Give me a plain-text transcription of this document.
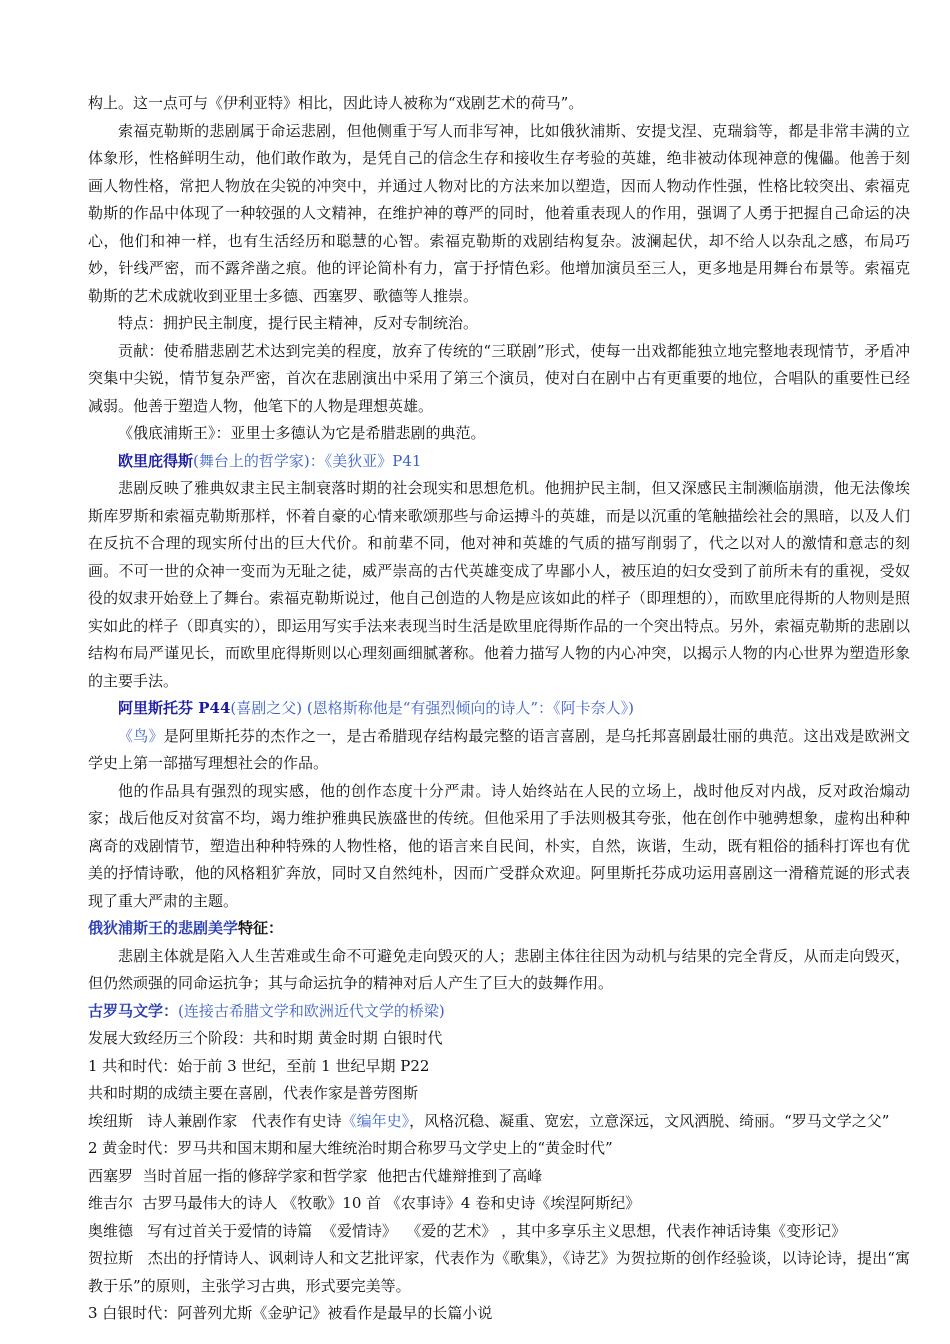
构上。这一点可与《伊利亚特》相比，因此诗人被称为“戏剧艺术的荷马”。

索福克勒斯的悲剧属于命运悲剧，但他侧重于写人而非写神，比如俄狄浦斯、安提戈涅、克瑞翁等，都是非常丰满的立体象形，性格鲜明生动，他们敢作敢为，是凭自己的信念生存和接收生存考验的英雄，绝非被动体现神意的傀儡。他善于刻画人物性格，常把人物放在尖锐的冲突中，并通过人物对比的方法来加以塑造，因而人物动作性强，性格比较突出、索福克勒斯的作品中体现了一种较强的人文精神，在维护神的尊严的同时，他着重表现人的作用，强调了人勇于把握自己命运的决心，他们和神一样，也有生活经历和聪慧的心智。索福克勒斯的戏剧结构复杂。波澜起伏，却不给人以杂乱之感，布局巧妙，针线严密，而不露斧凿之痕。他的评论简朴有力，富于抒情色彩。他增加演员至三人，更多地是用舞台布景等。索福克勒斯的艺术成就收到亚里士多德、西塞罗、歌德等人推崇。

特点：拥护民主制度，提行民主精神，反对专制统治。

贡献：使希腊悲剧艺术达到完美的程度，放弃了传统的“三联剧”形式，使每一出戏都能独立地完整地表现情节，矛盾冲突集中尖锐，情节复杂严密，首次在悲剧演出中采用了第三个演员，使对白在剧中占有更重要的地位，合唱队的重要性已经减弱。他善于塑造人物，他笔下的人物是理想英雄。

《俄底浦斯王》：亚里士多德认为它是希腊悲剧的典范。

欧里庇得斯(舞台上的哲学家)：《美狄亚》P41

悲剧反映了雅典奴隶主民主制衰落时期的社会现实和思想危机。他拥护民主制，但又深感民主制濒临崩溃，他无法像埃斯库罗斯和索福克勒斯那样，怀着自豪的心情来歌颂那些与命运搏斗的英雄，而是以沉重的笔触描绘社会的黑暗，以及人们在反抗不合理的现实所付出的巨大代价。和前辈不同，他对神和英雄的气质的描写削弱了，代之以对人的激情和意志的刻画。不可一世的众神一变而为无耻之徒，威严崇高的古代英雄变成了卑鄙小人，被压迫的妇女受到了前所未有的重视，受奴役的奴隶开始登上了舞台。索福克勒斯说过，他自己创造的人物是应该如此的样子（即理想的），而欧里庇得斯的人物则是照实如此的样子（即真实的），即运用写实手法来表现当时生活是欧里庇得斯作品的一个突出特点。另外，索福克勒斯的悲剧以结构布局严谨见长，而欧里庇得斯则以心理刻画细腻著称。他着力描写人物的内心冲突，以揭示人物的内心世界为塑造形象的主要手法。

阿里斯托芬 P44(喜剧之父) (恩格斯称他是“有强烈倾向的诗人”：《阿卡奈人》)

《鸟》是阿里斯托芬的杰作之一，是古希腊现存结构最完整的语言喜剧，是乌托邦喜剧最壮丽的典范。这出戏是欧洲文学史上第一部描写理想社会的作品。

他的作品具有强烈的现实感，他的创作态度十分严肃。诗人始终站在人民的立场上，战时他反对内战，反对政治煽动家；战后他反对贫富不均，竭力维护雅典民族盛世的传统。但他采用了手法则极其夸张，他在创作中驰骋想象，虚构出种种离奇的戏剧情节，塑造出种种特殊的人物性格，他的语言来自民间，朴实，自然，诙谐，生动，既有粗俗的插科打诨也有优美的抒情诗歌，他的风格粗犷奔放，同时又自然纯朴，因而广受群众欢迎。阿里斯托芬成功运用喜剧这一滑稽荒诞的形式表现了重大严肃的主题。

俄狄浦斯王的悲剧美学特征：

悲剧主体就是陷入人生苦难或生命不可避免走向毁灭的人；悲剧主体往往因为动机与结果的完全背反，从而走向毁灭，但仍然顽强的同命运抗争；其与命运抗争的精神对后人产生了巨大的鼓舞作用。

古罗马文学：(连接古希腊文学和欧洲近代文学的桥梁)

发展大致经历三个阶段：共和时期 黄金时期 白银时代

1 共和时代：始于前 3 世纪，至前 1 世纪早期 P22

共和时期的成绩主要在喜剧，代表作家是普劳图斯

埃纽斯   诗人兼剧作家   代表作有史诗《编年史》，风格沉稳、凝重、宽宏，立意深远，文风洒脱、绮丽。“罗马文学之父”

2 黄金时代：罗马共和国末期和屋大维统治时期合称罗马文学史上的“黄金时代”

西塞罗  当时首屈一指的修辞学家和哲学家  他把古代雄辩推到了高峰

维吉尔  古罗马最伟大的诗人 《牧歌》10 首 《农事诗》4 卷和史诗《埃涅阿斯纪》

奥维德   写有过首关于爱情的诗篇  《爱情诗》  《爱的艺术》 ，其中多享乐主义思想，代表作神话诗集《变形记》

贺拉斯   杰出的抒情诗人、讽刺诗人和文艺批评家，代表作为《歌集》，《诗艺》为贺拉斯的创作经验谈，以诗论诗，提出“寓教于乐”的原则，主张学习古典，形式要完美等。

3 白银时代：阿普列尤斯《金驴记》被看作是最早的长篇小说
